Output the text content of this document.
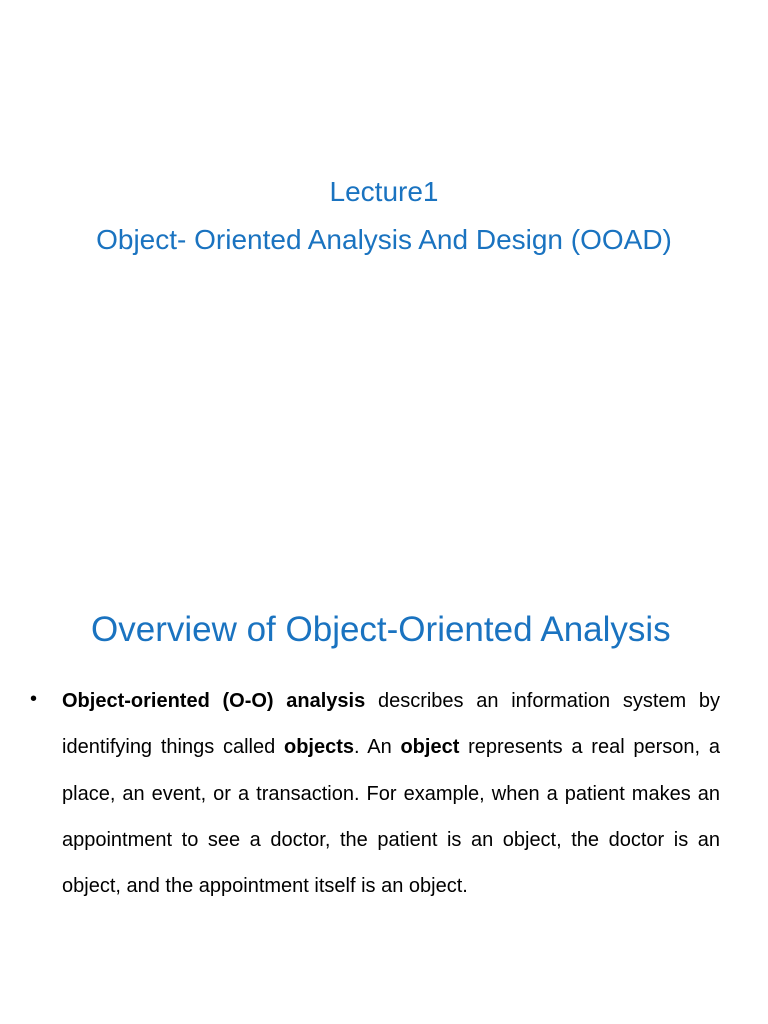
Lecture1
Object- Oriented Analysis And Design (OOAD)
Overview of Object-Oriented Analysis
• Object-oriented (O-O) analysis describes an information system by identifying things called objects. An object represents a real person, a place, an event, or a transaction. For example, when a patient makes an appointment to see a doctor, the patient is an object, the doctor is an object, and the appointment itself is an object.
